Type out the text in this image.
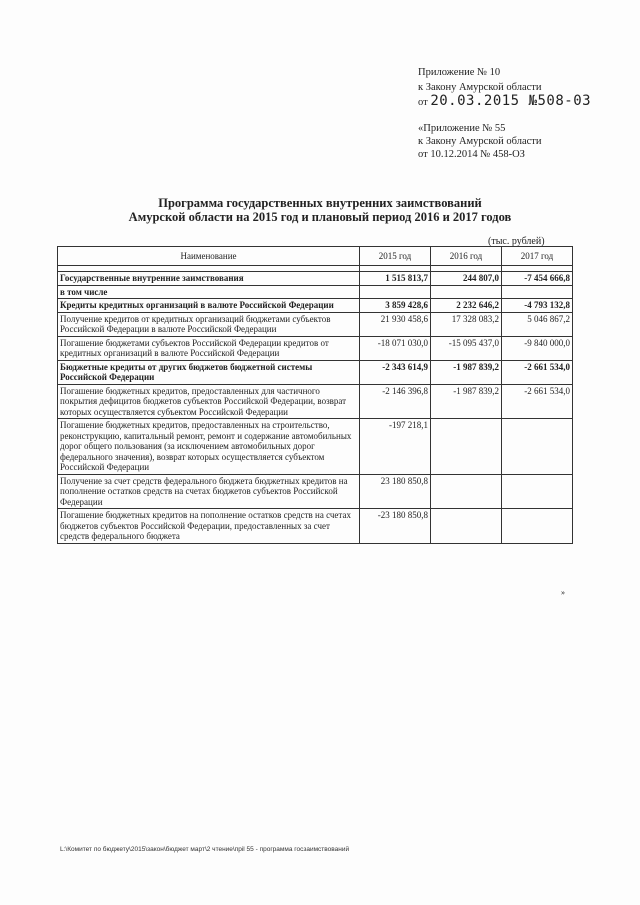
Приложение № 10
к Закону Амурской области
от 20.03.2015 №508-03
«Приложение № 55
к Закону Амурской области
от 10.12.2014 № 458-ОЗ
Программа государственных внутренних заимствований
Амурской области на 2015 год и плановый период 2016 и 2017 годов
(тыс. рублей)
Наименование	2015 год	2016 год	2017 год

Государственные внутренние заимствования	1 515 813,7	244 807,0	-7 454 666,8
в том числе			
Кредиты кредитных организаций в валюте Российской Федерации	3 859 428,6	2 232 646,2	-4 793 132,8
Получение кредитов от кредитных организаций бюджетами субъектов Российской Федерации в валюте Российской Федерации	21 930 458,6	17 328 083,2	5 046 867,2
Погашение бюджетами субъектов Российской Федерации кредитов от кредитных организаций в валюте Российской Федерации	-18 071 030,0	-15 095 437,0	-9 840 000,0
Бюджетные кредиты от других бюджетов бюджетной системы Российской Федерации	-2 343 614,9	-1 987 839,2	-2 661 534,0
Погашение бюджетных кредитов, предоставленных для частичного покрытия дефицитов бюджетов субъектов Российской Федерации, возврат которых осуществляется субъектом Российской Федерации	-2 146 396,8	-1 987 839,2	-2 661 534,0
Погашение бюджетных кредитов, предоставленных на строительство, реконструкцию, капитальный ремонт, ремонт и содержание автомобильных дорог общего пользования (за исключением автомобильных дорог федерального значения), возврат которых осуществляется субъектом Российской Федерации	-197 218,1		
Получение за счет средств федерального бюджета бюджетных кредитов на пополнение остатков средств на счетах бюджетов субъектов Российской Федерации	23 180 850,8		
Погашение бюджетных кредитов на пополнение остатков средств на счетах бюджетов субъектов Российской Федерации, предоставленных за счет средств федерального бюджета	-23 180 850,8		
»
L:\Комитет по бюджету\2015\закон\бюджет март\2 чтение\прil 55 - программа госзаимствований
